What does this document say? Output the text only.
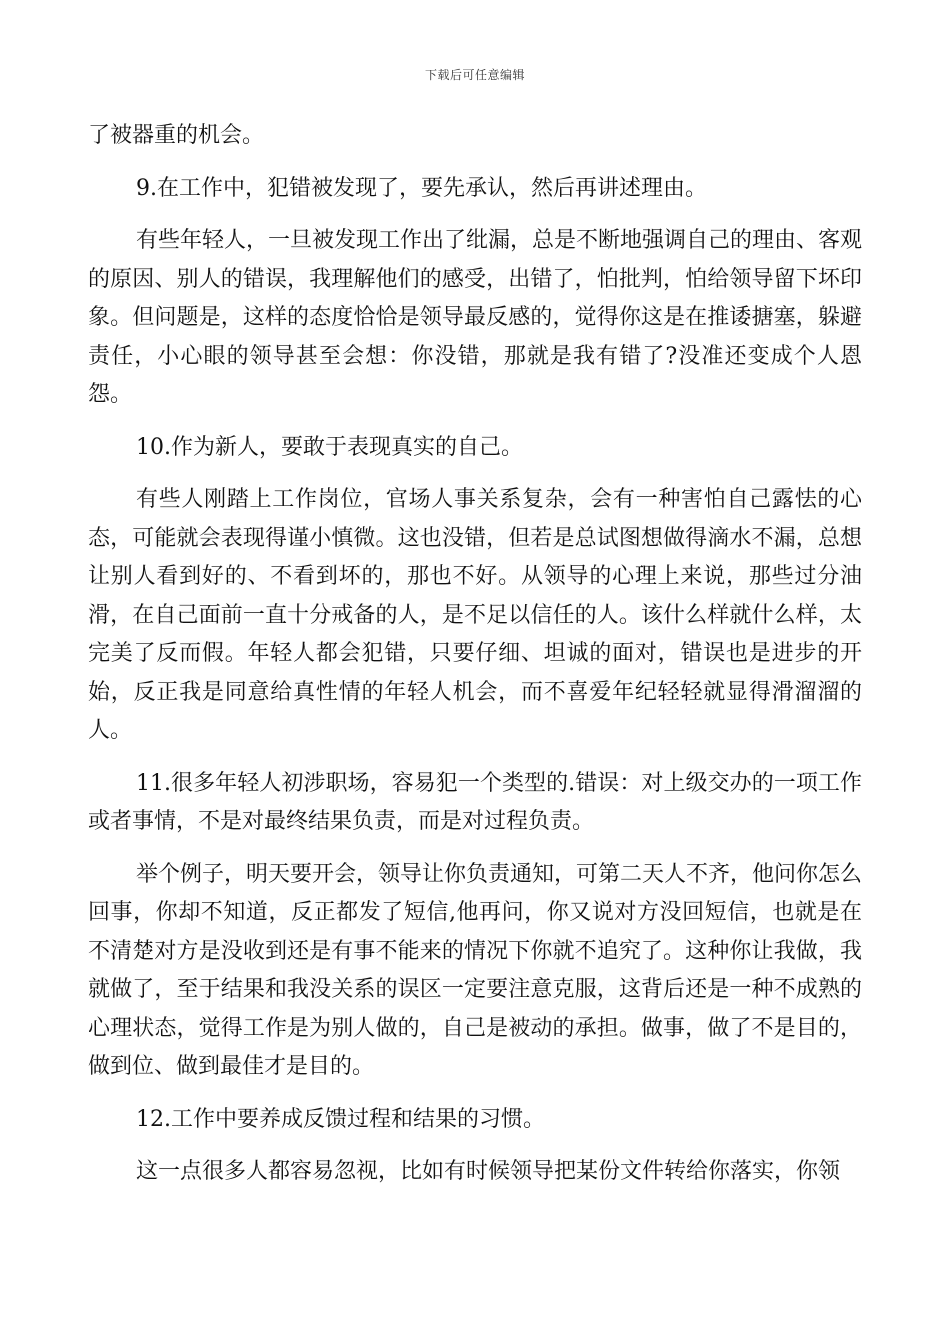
下载后可任意编辑

了被器重的机会。

9.在工作中，犯错被发现了，要先承认，然后再讲述理由。

有些年轻人，一旦被发现工作出了纰漏，总是不断地强调自己的理由、客观的原因、别人的错误，我理解他们的感受，出错了，怕批判，怕给领导留下坏印象。但问题是，这样的态度恰恰是领导最反感的，觉得你这是在推诿搪塞，躲避责任，小心眼的领导甚至会想：你没错，那就是我有错了?没准还变成个人恩怨。

10.作为新人，要敢于表现真实的自己。

有些人刚踏上工作岗位，官场人事关系复杂，会有一种害怕自己露怯的心态，可能就会表现得谨小慎微。这也没错，但若是总试图想做得滴水不漏，总想让别人看到好的、不看到坏的，那也不好。从领导的心理上来说，那些过分油滑，在自己面前一直十分戒备的人，是不足以信任的人。该什么样就什么样，太完美了反而假。年轻人都会犯错，只要仔细、坦诚的面对，错误也是进步的开始，反正我是同意给真性情的年轻人机会，而不喜爱年纪轻轻就显得滑溜溜的人。

11.很多年轻人初涉职场，容易犯一个类型的.错误：对上级交办的一项工作或者事情，不是对最终结果负责，而是对过程负责。

举个例子，明天要开会，领导让你负责通知，可第二天人不齐，他问你怎么回事，你却不知道，反正都发了短信,他再问，你又说对方没回短信，也就是在不清楚对方是没收到还是有事不能来的情况下你就不追究了。这种你让我做，我就做了，至于结果和我没关系的误区一定要注意克服，这背后还是一种不成熟的心理状态，觉得工作是为别人做的，自己是被动的承担。做事，做了不是目的，做到位、做到最佳才是目的。

12.工作中要养成反馈过程和结果的习惯。

这一点很多人都容易忽视，比如有时候领导把某份文件转给你落实，你领
